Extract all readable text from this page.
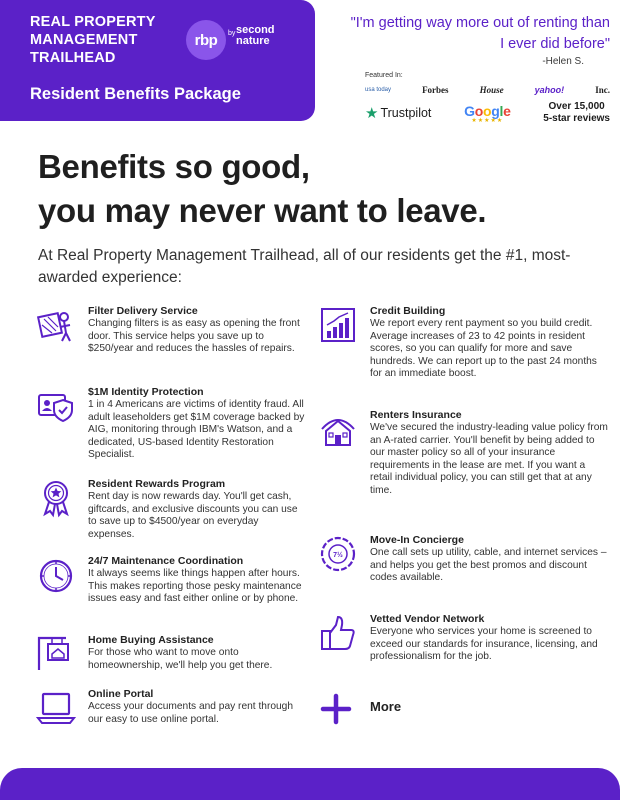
REAL PROPERTY
MANAGEMENT
TRAILHEAD
rbp	by second nature
Resident Benefits Package
"I'm getting way more out of renting than I ever did before"
-Helen S.
Featured In:
usa today	Forbes	House	yahoo!	Inc.
★ Trustpilot Google
★★★★★
Over 15,000
5-star reviews
Benefits so good,
you may never want to leave.
At Real Property Management Trailhead, all of our residents get the #1, most-awarded experience:
Filter Delivery Service
Changing filters is as easy as opening the front door. This service helps you save up to $250/year and reduces the hassles of repairs.
$1M Identity Protection
1 in 4 Americans are victims of identity fraud. All adult leaseholders get $1M coverage backed by AIG, monitoring through IBM's Watson, and a dedicated, US-based Identity Restoration Specialist.
Resident Rewards Program
Rent day is now rewards day. You'll get cash, giftcards, and exclusive discounts you can use to save up to $4500/year on everyday expenses.
24/7 Maintenance Coordination
It always seems like things happen after hours. This makes reporting those pesky maintenance issues easy and fast either online or by phone.
Home Buying Assistance
For those who want to move onto homeownership, we'll help you get there.
Online Portal
Access your documents and pay rent through our easy to use online portal.
Credit Building
We report every rent payment so you build credit. Average increases of 23 to 42 points in resident scores, so you can qualify for more and save hundreds. We can report up to the past 24 months for an immediate boost.
Renters Insurance
We've secured the industry-leading value policy from an A-rated carrier. You'll benefit by being added to our master policy so all of your insurance requirements in the lease are met. If you want a retail individual policy, you can still get that at any time.
7½
Move-In Concierge
One call sets up utility, cable, and internet services – and helps you get the best promos and discount codes available.
Vetted Vendor Network
Everyone who services your home is screened to exceed our standards for insurance, licensing, and professionalism for the job.
More
